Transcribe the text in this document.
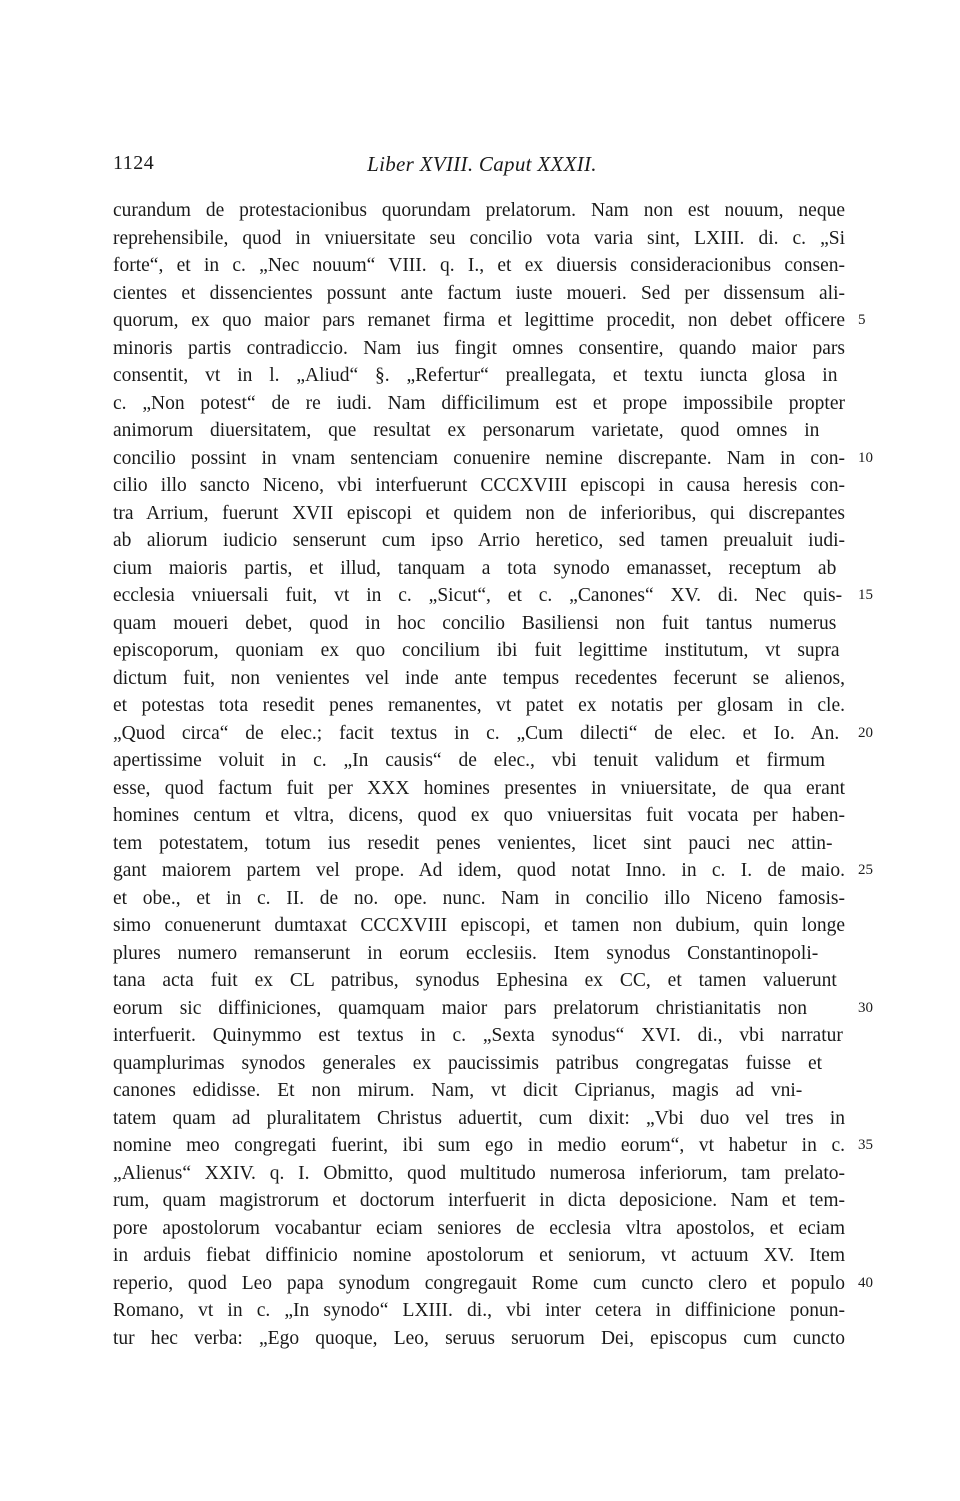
1124	Liber XVIII. Caput XXXII.
curandum de protestacionibus quorundam prelatorum. Nam non est nouum, neque
reprehensibile, quod in vniuersitate seu concilio vota varia sint, LXIII. di. c. „Si
forte“, et in c. „Nec nouum“ VIII. q. I., et ex diuersis consideracionibus consen-
cientes et dissencientes possunt ante factum iuste moueri. Sed per dissensum ali-
quorum, ex quo maior pars remanet firma et legittime procedit, non debet officere 5
minoris partis contradiccio. Nam ius fingit omnes consentire, quando maior pars
consentit, vt in l. „Aliud“ §. „Refertur“ preallegata, et textu iuncta glosa in
c. „Non potest“ de re iudi. Nam difficilimum est et prope impossibile propter
animorum diuersitatem, que resultat ex personarum varietate, quod omnes in
concilio possint in vnam sentenciam conuenire nemine discrepante. Nam in con- 10
cilio illo sancto Niceno, vbi interfuerunt CCCXVIII episcopi in causa heresis con-
tra Arrium, fuerunt XVII episcopi et quidem non de inferioribus, qui discrepantes
ab aliorum iudicio senserunt cum ipso Arrio heretico, sed tamen preualuit iudi-
cium maioris partis, et illud, tanquam a tota synodo emanasset, receptum ab
ecclesia vniuersali fuit, vt in c. „Sicut“, et c. „Canones“ XV. di. Nec quis- 15
quam moueri debet, quod in hoc concilio Basiliensi non fuit tantus numerus
episcoporum, quoniam ex quo concilium ibi fuit legittime institutum, vt supra
dictum fuit, non venientes vel inde ante tempus recedentes fecerunt se alienos,
et potestas tota resedit penes remanentes, vt patet ex notatis per glosam in cle.
„Quod circa“ de elec.; facit textus in c. „Cum dilecti“ de elec. et Io. An. 20
apertissime voluit in c. „In causis“ de elec., vbi tenuit validum et firmum
esse, quod factum fuit per XXX homines presentes in vniuersitate, de qua erant
homines centum et vltra, dicens, quod ex quo vniuersitas fuit vocata per haben-
tem potestatem, totum ius resedit penes venientes, licet sint pauci nec attin-
gant maiorem partem vel prope. Ad idem, quod notat Inno. in c. I. de maio. 25
et obe., et in c. II. de no. ope. nunc. Nam in concilio illo Niceno famosis-
simo conuenerunt dumtaxat CCCXVIII episcopi, et tamen non dubium, quin longe
plures numero remanserunt in eorum ecclesiis. Item synodus Constantinopoli-
tana acta fuit ex CL patribus, synodus Ephesina ex CC, et tamen valuerunt
eorum sic diffiniciones, quamquam maior pars prelatorum christianitatis non	30
interfuerit. Quinymmo est textus in c. „Sexta synodus“ XVI. di., vbi narratur
quamplurimas synodos generales ex paucissimis patribus congregatas fuisse et
canones edidisse. Et non mirum. Nam, vt dicit Ciprianus, magis ad vni-
tatem quam ad pluralitatem Christus aduertit, cum dixit: „Vbi duo vel tres in
nomine meo congregati fuerint, ibi sum ego in medio eorum“, vt habetur in c. 35
„Alienus“ XXIV. q. I. Obmitto, quod multitudo numerosa inferiorum, tam prelato-
rum, quam magistrorum et doctorum interfuerit in dicta deposicione. Nam et tem-
pore apostolorum vocabantur eciam seniores de ecclesia vltra apostolos, et eciam
in arduis fiebat diffinicio nomine apostolorum et seniorum, vt actuum XV. Item
reperio, quod Leo papa synodum congregauit Rome cum cuncto clero et populo 40
Romano, vt in c. „In synodo“ LXIII. di., vbi inter cetera in diffinicione ponun-
tur hec verba: „Ego quoque, Leo, seruus seruorum Dei, episcopus cum cuncto
